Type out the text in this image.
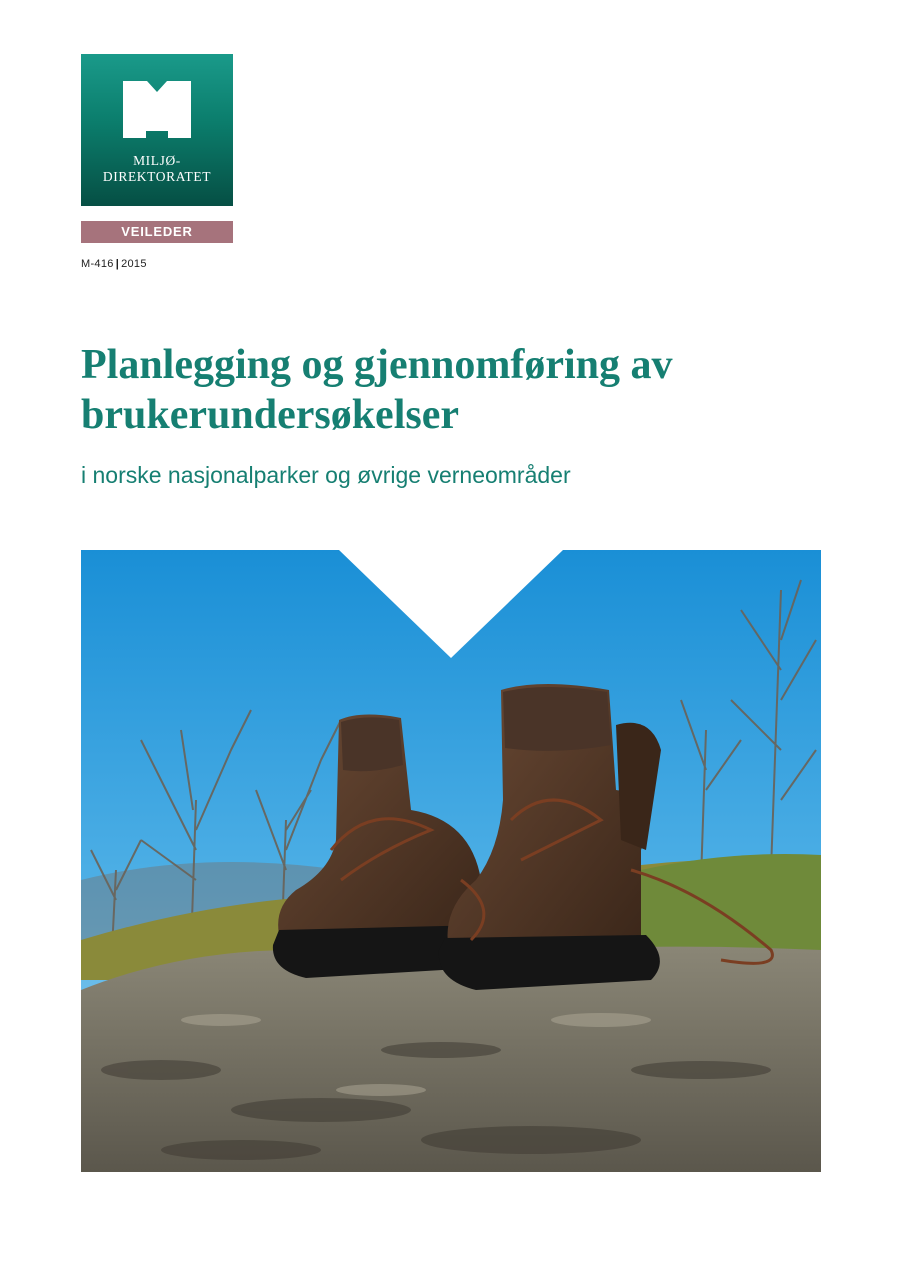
MILJØ-
DIREKTORATET
VEILEDER
M-416 | 2015
Planlegging og gjennomføring av
brukerundersøkelser
i norske nasjonalparker og øvrige verneområder
